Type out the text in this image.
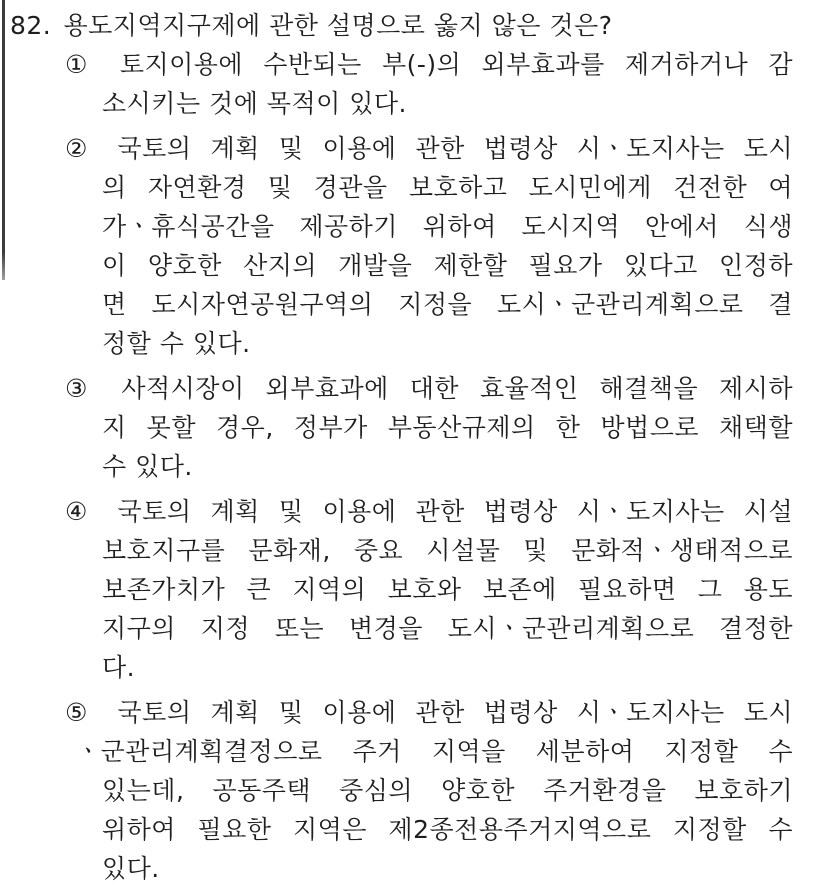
82. 용도지역지구제에 관한 설명으로 옳지 않은 것은?
① 토지이용에 수반되는 부(-)의 외부효과를 제거하거나 감
소시키는 것에 목적이 있다.
② 국토의 계획 및 이용에 관한 법령상 시ㆍ도지사는 도시
의 자연환경 및 경관을 보호하고 도시민에게 건전한 여
가ㆍ휴식공간을 제공하기 위하여 도시지역 안에서 식생
이 양호한 산지의 개발을 제한할 필요가 있다고 인정하
면 도시자연공원구역의 지정을 도시ㆍ군관리계획으로 결
정할 수 있다.
③ 사적시장이 외부효과에 대한 효율적인 해결책을 제시하
지 못할 경우, 정부가 부동산규제의 한 방법으로 채택할
수 있다.
④ 국토의 계획 및 이용에 관한 법령상 시ㆍ도지사는 시설
보호지구를 문화재, 중요 시설물 및 문화적ㆍ생태적으로
보존가치가 큰 지역의 보호와 보존에 필요하면 그 용도
지구의 지정 또는 변경을 도시ㆍ군관리계획으로 결정한
다.
⑤ 국토의 계획 및 이용에 관한 법령상 시ㆍ도지사는 도시
ㆍ군관리계획결정으로 주거 지역을 세분하여 지정할 수
있는데, 공동주택 중심의 양호한 주거환경을 보호하기
위하여 필요한 지역은 제2종전용주거지역으로 지정할 수
있다.
